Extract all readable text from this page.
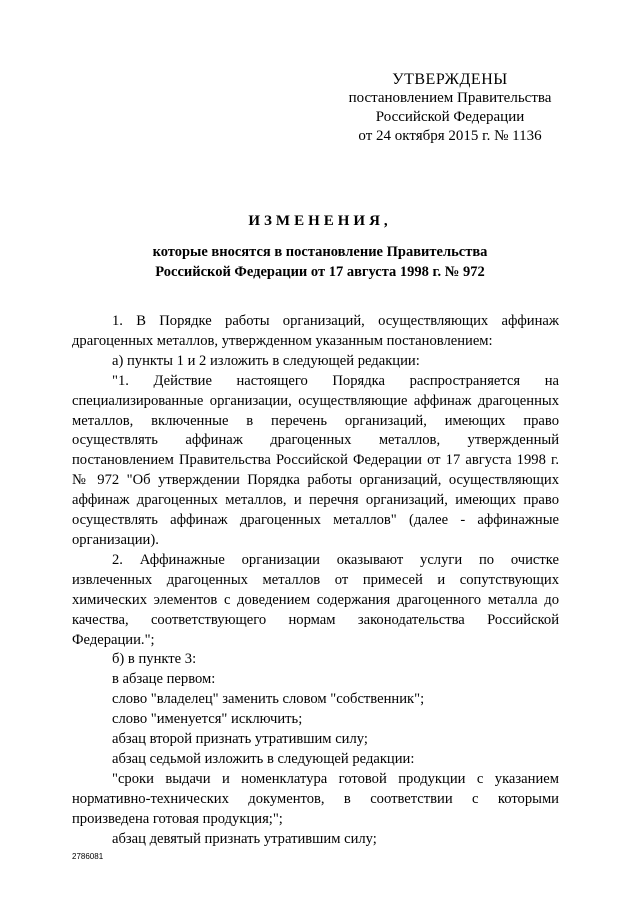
УТВЕРЖДЕНЫ
постановлением Правительства
Российской Федерации
от 24 октября 2015 г. № 1136
ИЗМЕНЕНИЯ,
которые вносятся в постановление Правительства
Российской Федерации от 17 августа 1998 г. № 972

1. В Порядке работы организаций, осуществляющих аффинаж драгоценных металлов, утвержденном указанным постановлением:

а) пункты 1 и 2 изложить в следующей редакции:

"1. Действие настоящего Порядка распространяется на специализированные организации, осуществляющие аффинаж драгоценных металлов, включенные в перечень организаций, имеющих право осуществлять аффинаж драгоценных металлов, утвержденный постановлением Правительства Российской Федерации от 17 августа 1998 г. № 972 "Об утверждении Порядка работы организаций, осуществляющих аффинаж драгоценных металлов, и перечня организаций, имеющих право осуществлять аффинаж драгоценных металлов" (далее - аффинажные организации).

2. Аффинажные организации оказывают услуги по очистке извлеченных драгоценных металлов от примесей и сопутствующих химических элементов с доведением содержания драгоценного металла до качества, соответствующего нормам законодательства Российской Федерации.";

б) в пункте 3:

в абзаце первом:

слово "владелец" заменить словом "собственник";

слово "именуется" исключить;

абзац второй признать утратившим силу;

абзац седьмой изложить в следующей редакции:

"сроки выдачи и номенклатура готовой продукции с указанием нормативно-технических документов, в соответствии с которыми произведена готовая продукция;";

абзац девятый признать утратившим силу;

2786081
